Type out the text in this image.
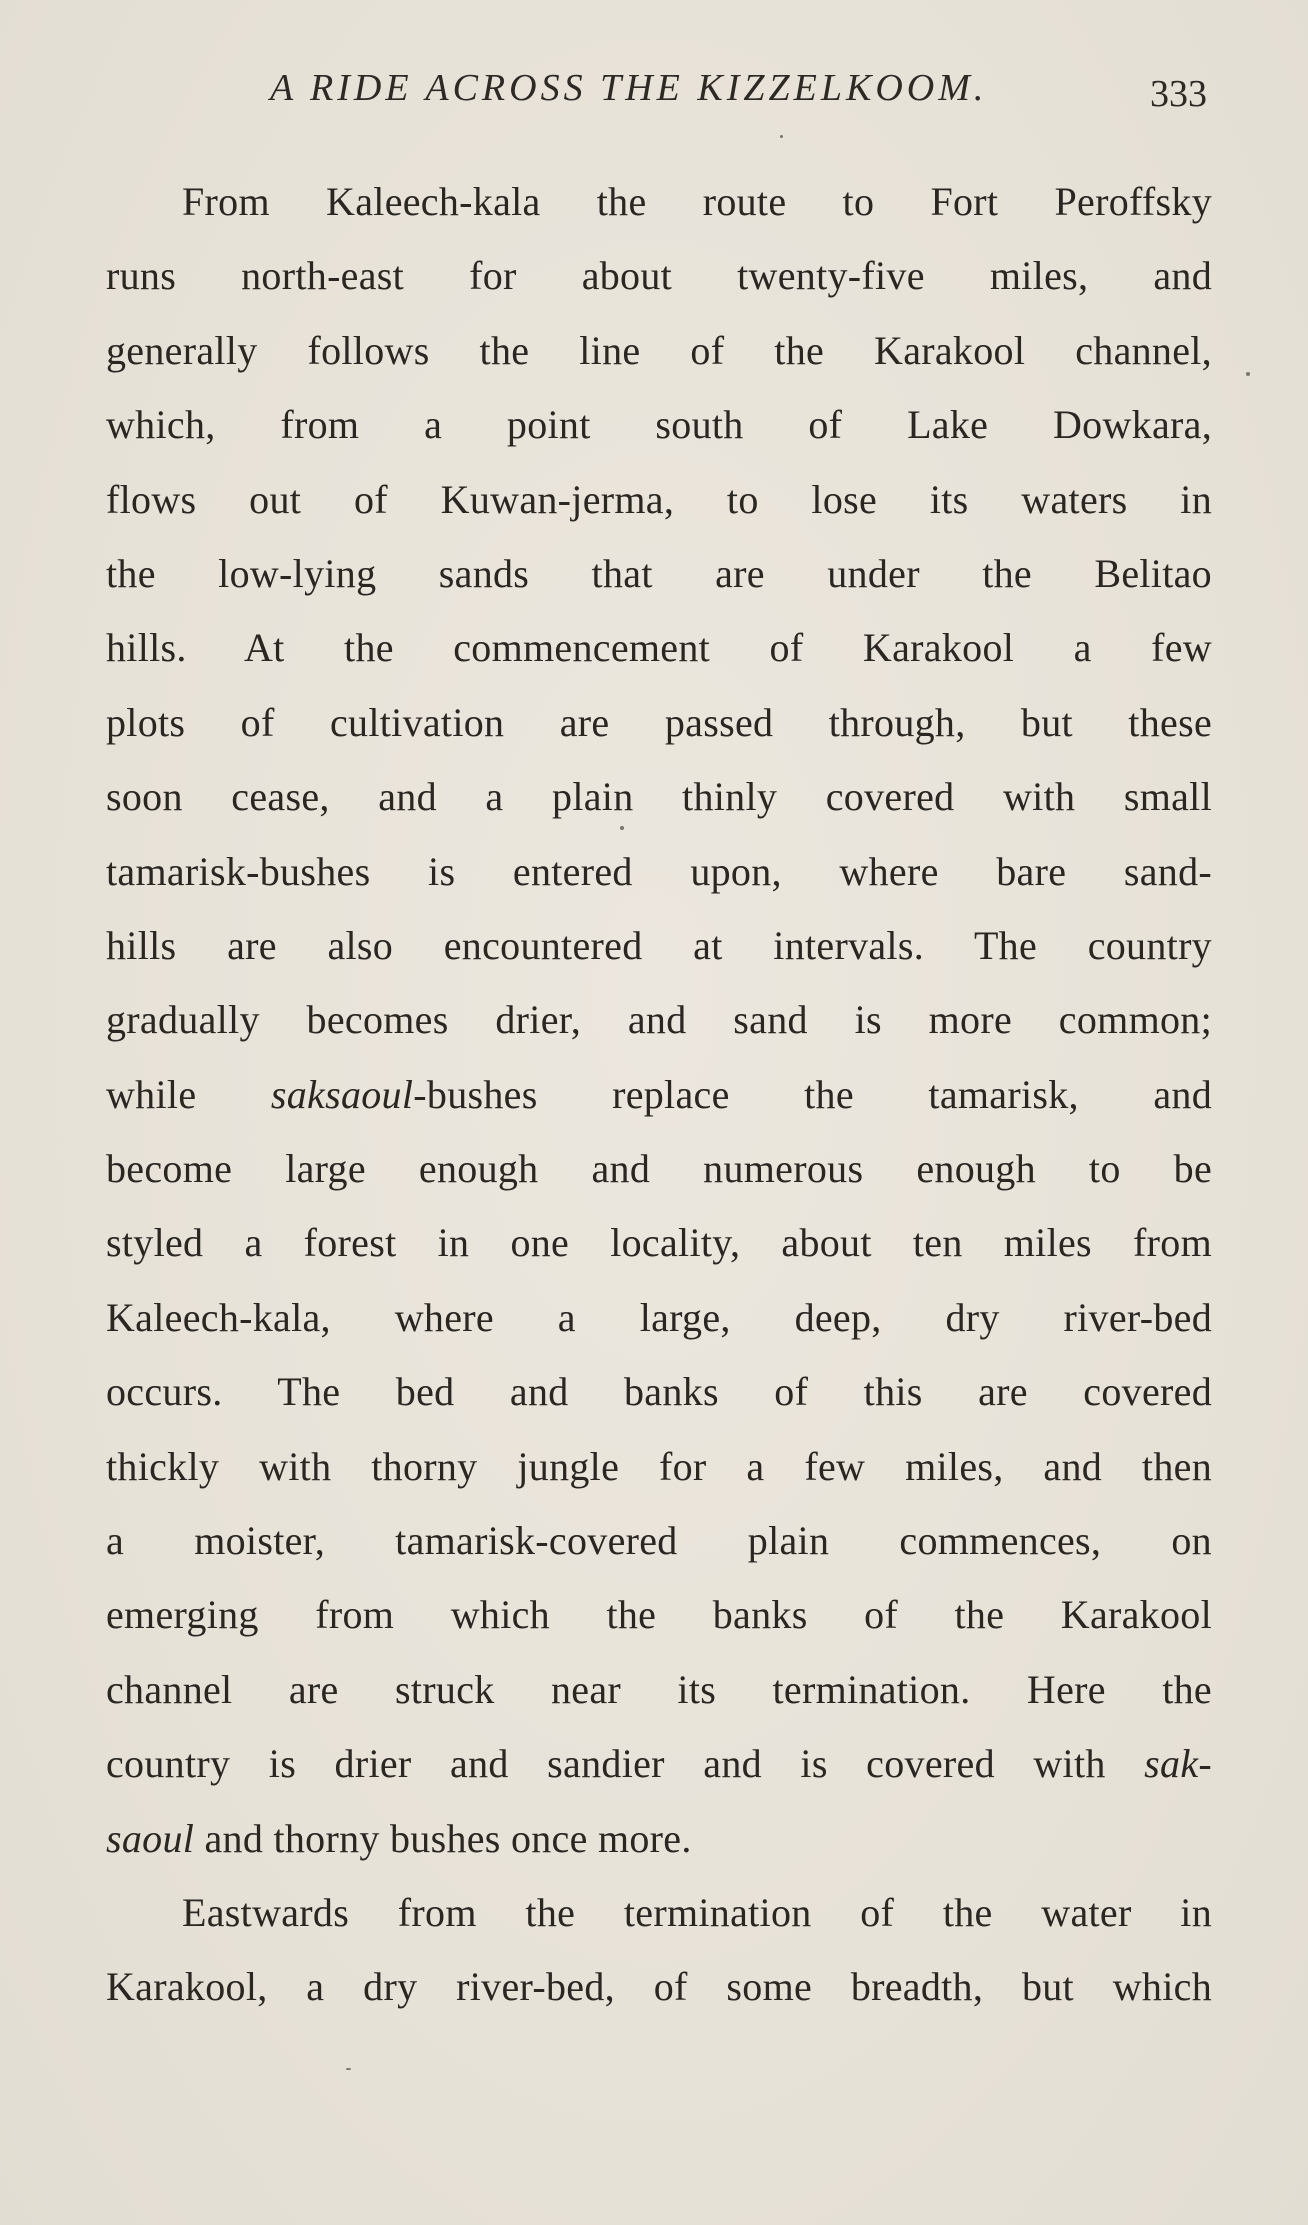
A RIDE ACROSS THE KIZZELKOOM.	333
From Kaleech-kala the route to Fort Peroffsky
runs north-east for about twenty-five miles, and
generally follows the line of the Karakool channel,
which, from a point south of Lake Dowkara,
flows out of Kuwan-jerma, to lose its waters in
the low-lying sands that are under the Belitao
hills. At the commencement of Karakool a few
plots of cultivation are passed through, but these
soon cease, and a plain thinly covered with small
tamarisk-bushes is entered upon, where bare sand-
hills are also encountered at intervals. The country
gradually becomes drier, and sand is more common;
while saksaoul-bushes replace the tamarisk, and
become large enough and numerous enough to be
styled a forest in one locality, about ten miles from
Kaleech-kala, where a large, deep, dry river-bed
occurs. The bed and banks of this are covered
thickly with thorny jungle for a few miles, and then
a moister, tamarisk-covered plain commences, on
emerging from which the banks of the Karakool
channel are struck near its termination. Here the
country is drier and sandier and is covered with sak-
saoul and thorny bushes once more.
Eastwards from the termination of the water in
Karakool, a dry river-bed, of some breadth, but which
